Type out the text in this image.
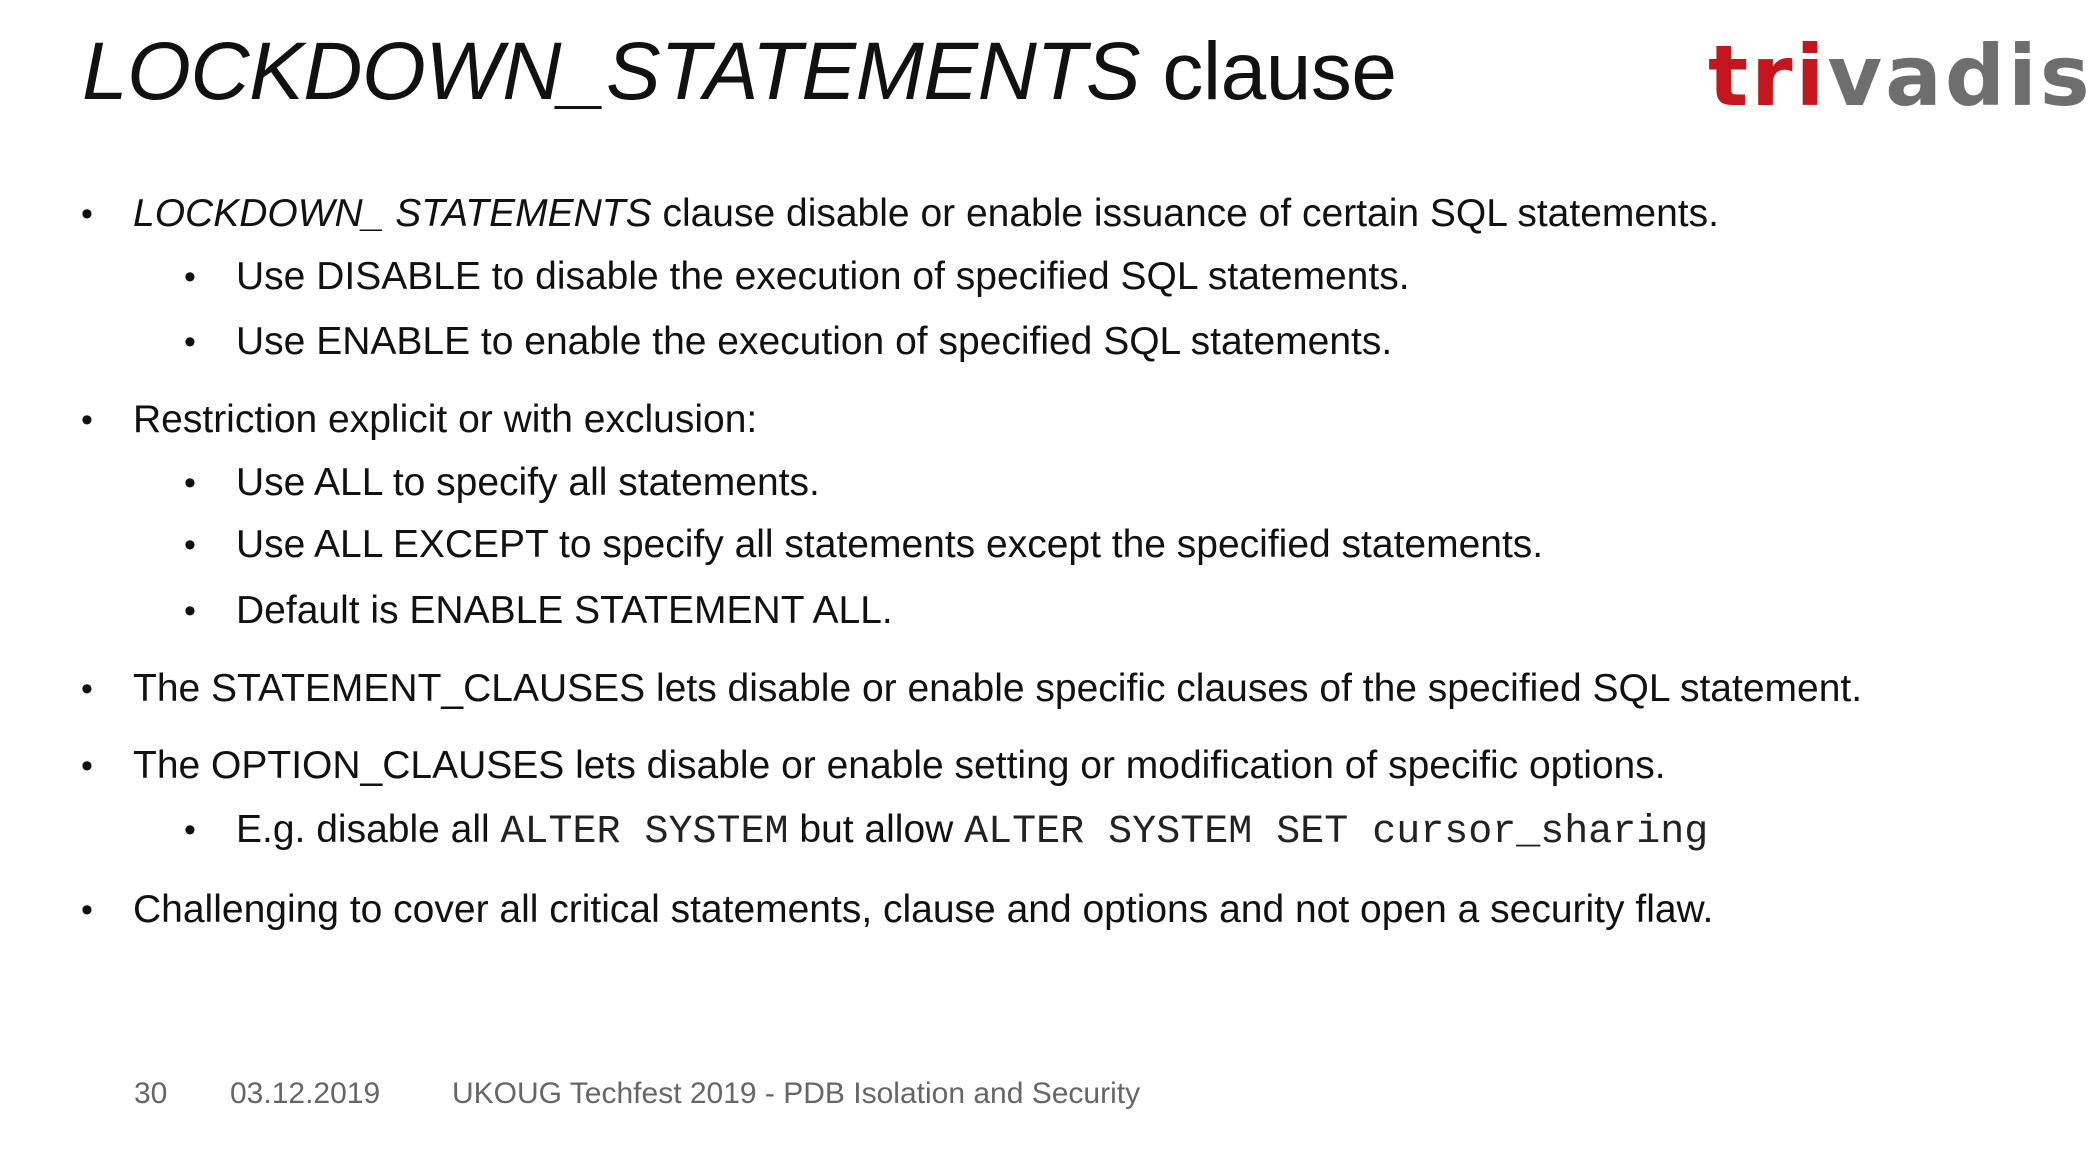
LOCKDOWN_STATEMENTS clause	trivadis
• LOCKDOWN_ STATEMENTS clause disable or enable issuance of certain SQL statements.
• Use DISABLE to disable the execution of specified SQL statements.
• Use ENABLE to enable the execution of specified SQL statements.
• Restriction explicit or with exclusion:
• Use ALL to specify all statements.
• Use ALL EXCEPT to specify all statements except the specified statements.
• Default is ENABLE STATEMENT ALL.
• The STATEMENT_CLAUSES lets disable or enable specific clauses of the specified SQL statement.
• The OPTION_CLAUSES lets disable or enable setting or modification of specific options.
• E.g. disable all ALTER SYSTEM but allow ALTER SYSTEM SET cursor_sharing
• Challenging to cover all critical statements, clause and options and not open a security flaw.
30 03.12.2019 UKOUG Techfest 2019 - PDB Isolation and Security
